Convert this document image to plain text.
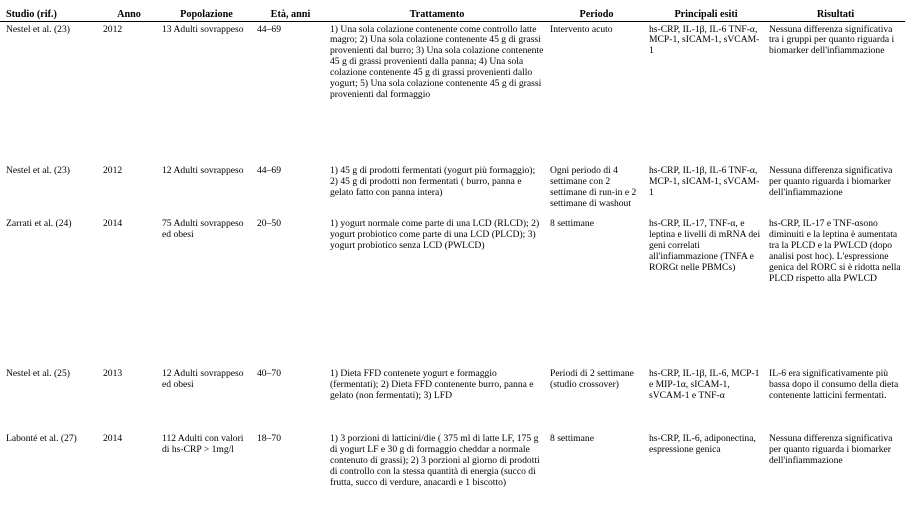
Studio (rif.)	Anno	Popolazione	Età, anni	Trattamento	Periodo	Principali esiti	Risultati
Nestel et al. (23)	2012	13 Adulti sovrappeso	44–69	1) Una sola colazione contenente come controllo latte magro; 2) Una sola colazione contenente 45 g di grassi provenienti dal burro; 3) Una sola colazione contenente 45 g di grassi provenienti dalla panna; 4) Una sola colazione contenente 45 g di grassi provenienti dallo yogurt; 5) Una sola colazione contenente 45 g di grassi provenienti dal formaggio	Intervento acuto	hs-CRP, IL-1β, IL-6 TNF-α, MCP-1, sICAM-1, sVCAM-1	Nessuna differenza significativa tra i gruppi per quanto riguarda i biomarker dell'infiammazione
Nestel et al. (23)	2012	12 Adulti sovrappeso	44–69	1) 45 g di prodotti fermentati (yogurt più formaggio); 2) 45 g di prodotti non fermentati ( burro, panna e gelato fatto con panna intera)	Ogni periodo di 4 settimane con 2 settimane di run-in e 2 settimane di washout	hs-CRP, IL-1β, IL-6 TNF-α, MCP-1, sICAM-1, sVCAM-1	Nessuna differenza significativa per quanto riguarda i biomarker dell'infiammazione
Zarrati et al. (24)	2014	75 Adulti sovrappeso ed obesi	20–50	1) yogurt normale come parte di una LCD (RLCD); 2) yogurt probiotico come parte di una LCD (PLCD); 3) yogurt probiotico senza LCD (PWLCD)	8 settimane	hs-CRP, IL-17, TNF-α, e leptina e livelli di mRNA dei geni correlati all'infiammazione (TNFA e RORGt nelle PBMCs)	hs-CRP, IL-17 e TNF-αsono diminuiti e la leptina è aumentata tra la PLCD e la PWLCD (dopo analisi post hoc). L'espressione genica del RORC si è ridotta nella PLCD rispetto alla PWLCD
Nestel et al. (25)	2013	12 Adulti sovrappeso ed obesi	40–70	1) Dieta FFD contenete yogurt e formaggio (fermentati); 2) Dieta FFD contenente burro, panna e gelato (non fermentati); 3) LFD	Periodi di 2 settimane (studio crossover)	hs-CRP, IL-1β, IL-6, MCP-1 e MIP-1α, sICAM-1, sVCAM-1 e TNF-α	IL-6 era significativamente più bassa dopo il consumo della dieta contenente latticini fermentati.
Labonté et al. (27)	2014	112 Adulti con valori di hs-CRP > 1mg/l	18–70	1) 3 porzioni di latticini/die ( 375 ml di latte LF, 175 g di yogurt LF e 30 g di formaggio cheddar a normale contenuto di grassi); 2) 3 porzioni al giorno di prodotti di controllo con la stessa quantità di energia (succo di frutta, succo di verdure, anacardi e 1 biscotto)	8 settimane	hs-CRP, IL-6, adiponectina, espressione genica	Nessuna differenza significativa per quanto riguarda i biomarker dell'infiammazione
